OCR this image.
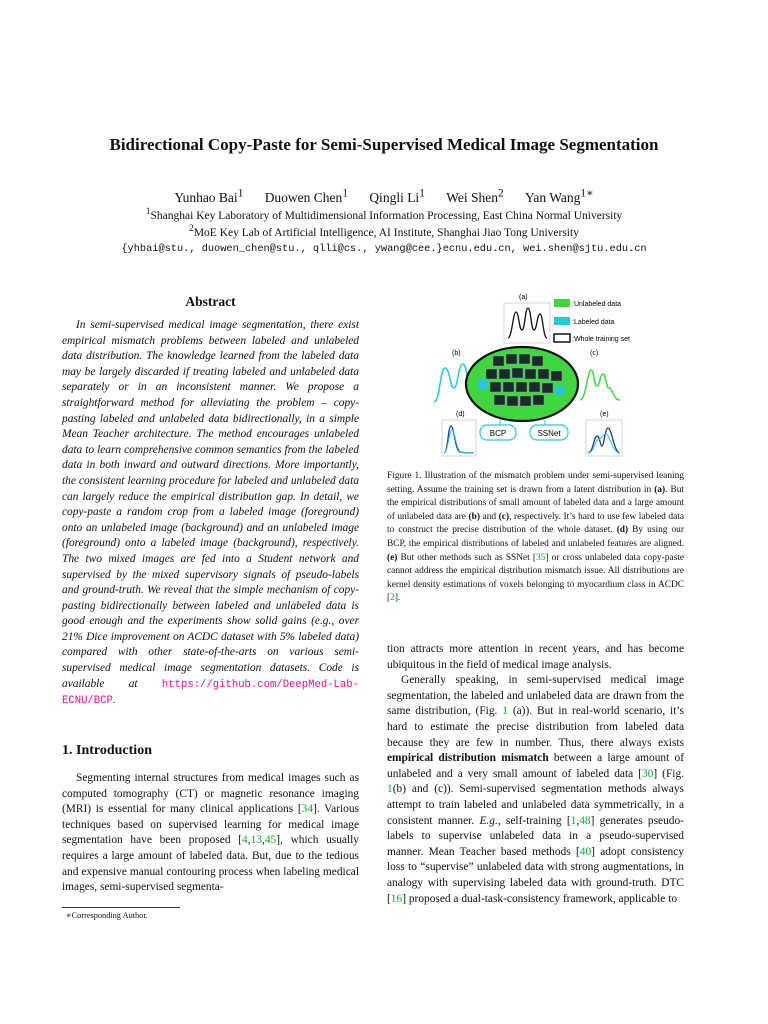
Bidirectional Copy-Paste for Semi-Supervised Medical Image Segmentation
Yunhao Bai$^1$ Duowen Chen$^1$ Qingli Li$^1$ Wei Shen$^2$ Yan Wang$^{1∗}$
$^1$Shanghai Key Laboratory of Multidimensional Information Processing, East China Normal University
$^2$MoE Key Lab of Artificial Intelligence, AI Institute, Shanghai Jiao Tong University
{yhbai@stu., duowen_chen@stu., qlli@cs., ywang@cee.}ecnu.edu.cn, wei.shen@sjtu.edu.cn
Abstract

In semi-supervised medical image segmentation, there exist empirical mismatch problems between labeled and unlabeled data distribution. The knowledge learned from the labeled data may be largely discarded if treating labeled and unlabeled data separately or in an inconsistent manner. We propose a straightforward method for alleviating the problem – copy-pasting labeled and unlabeled data bidirectionally, in a simple Mean Teacher architecture. The method encourages unlabeled data to learn comprehensive common semantics from the labeled data in both inward and outward directions. More importantly, the consistent learning procedure for labeled and unlabeled data can largely reduce the empirical distribution gap. In detail, we copy-paste a random crop from a labeled image (foreground) onto an unlabeled image (background) and an unlabeled image (foreground) onto a labeled image (background), respectively. The two mixed images are fed into a Student network and supervised by the mixed supervisory signals of pseudo-labels and ground-truth. We reveal that the simple mechanism of copy-pasting bidirectionally between labeled and unlabeled data is good enough and the experiments show solid gains (e.g., over 21% Dice improvement on ACDC dataset with 5% labeled data) compared with other state-of-the-arts on various semi-supervised medical image segmentation datasets. Code is available at https://github.com/DeepMed-Lab-ECNU/BCP.

1. Introduction

Segmenting internal structures from medical images such as computed tomography (CT) or magnetic resonance imaging (MRI) is essential for many clinical applications [34]. Various techniques based on supervised learning for medical image segmentation have been proposed [4,13,45], which usually requires a large amount of labeled data. But, due to the tedious and expensive manual contouring process when labeling medical images, semi-supervised segmenta-

∗Corresponding Author.
:Unlabeled data
:Labeled data
:Whole training set
(a)
(b)	(c)
BCP	SSNet
(d)	(e)
Figure 1. Illustration of the mismatch problem under semi-supervised leaning setting. Assume the training set is drawn from a latent distribution in (a). But the empirical distributions of small amount of labeled data and a large amount of unlabeled data are (b) and (c), respectively. It’s hard to use few labeled data to construct the precise distribution of the whole dataset. (d) By using our BCP, the empirical distributions of labeled and unlabeled features are aligned. (e) But other methods such as SSNet [35] or cross unlabeled data copy-paste cannot address the empirical distribution mismatch issue. All distributions are kernel density estimations of voxels belonging to myocardium class in ACDC [2].

tion attracts more attention in recent years, and has become ubiquitous in the field of medical image analysis.

Generally speaking, in semi-supervised medical image segmentation, the labeled and unlabeled data are drawn from the same distribution, (Fig. 1 (a)). But in real-world scenario, it’s hard to estimate the precise distribution from labeled data because they are few in number. Thus, there always exists empirical distribution mismatch between a large amount of unlabeled and a very small amount of labeled data [30] (Fig. 1(b) and (c)). Semi-supervised segmentation methods always attempt to train labeled and unlabeled data symmetrically, in a consistent manner. E.g., self-training [1,48] generates pseudo-labels to supervise unlabeled data in a pseudo-supervised manner. Mean Teacher based methods [40] adopt consistency loss to “supervise” unlabeled data with strong augmentations, in analogy with supervising labeled data with ground-truth. DTC [16] proposed a dual-task-consistency framework, applicable to
